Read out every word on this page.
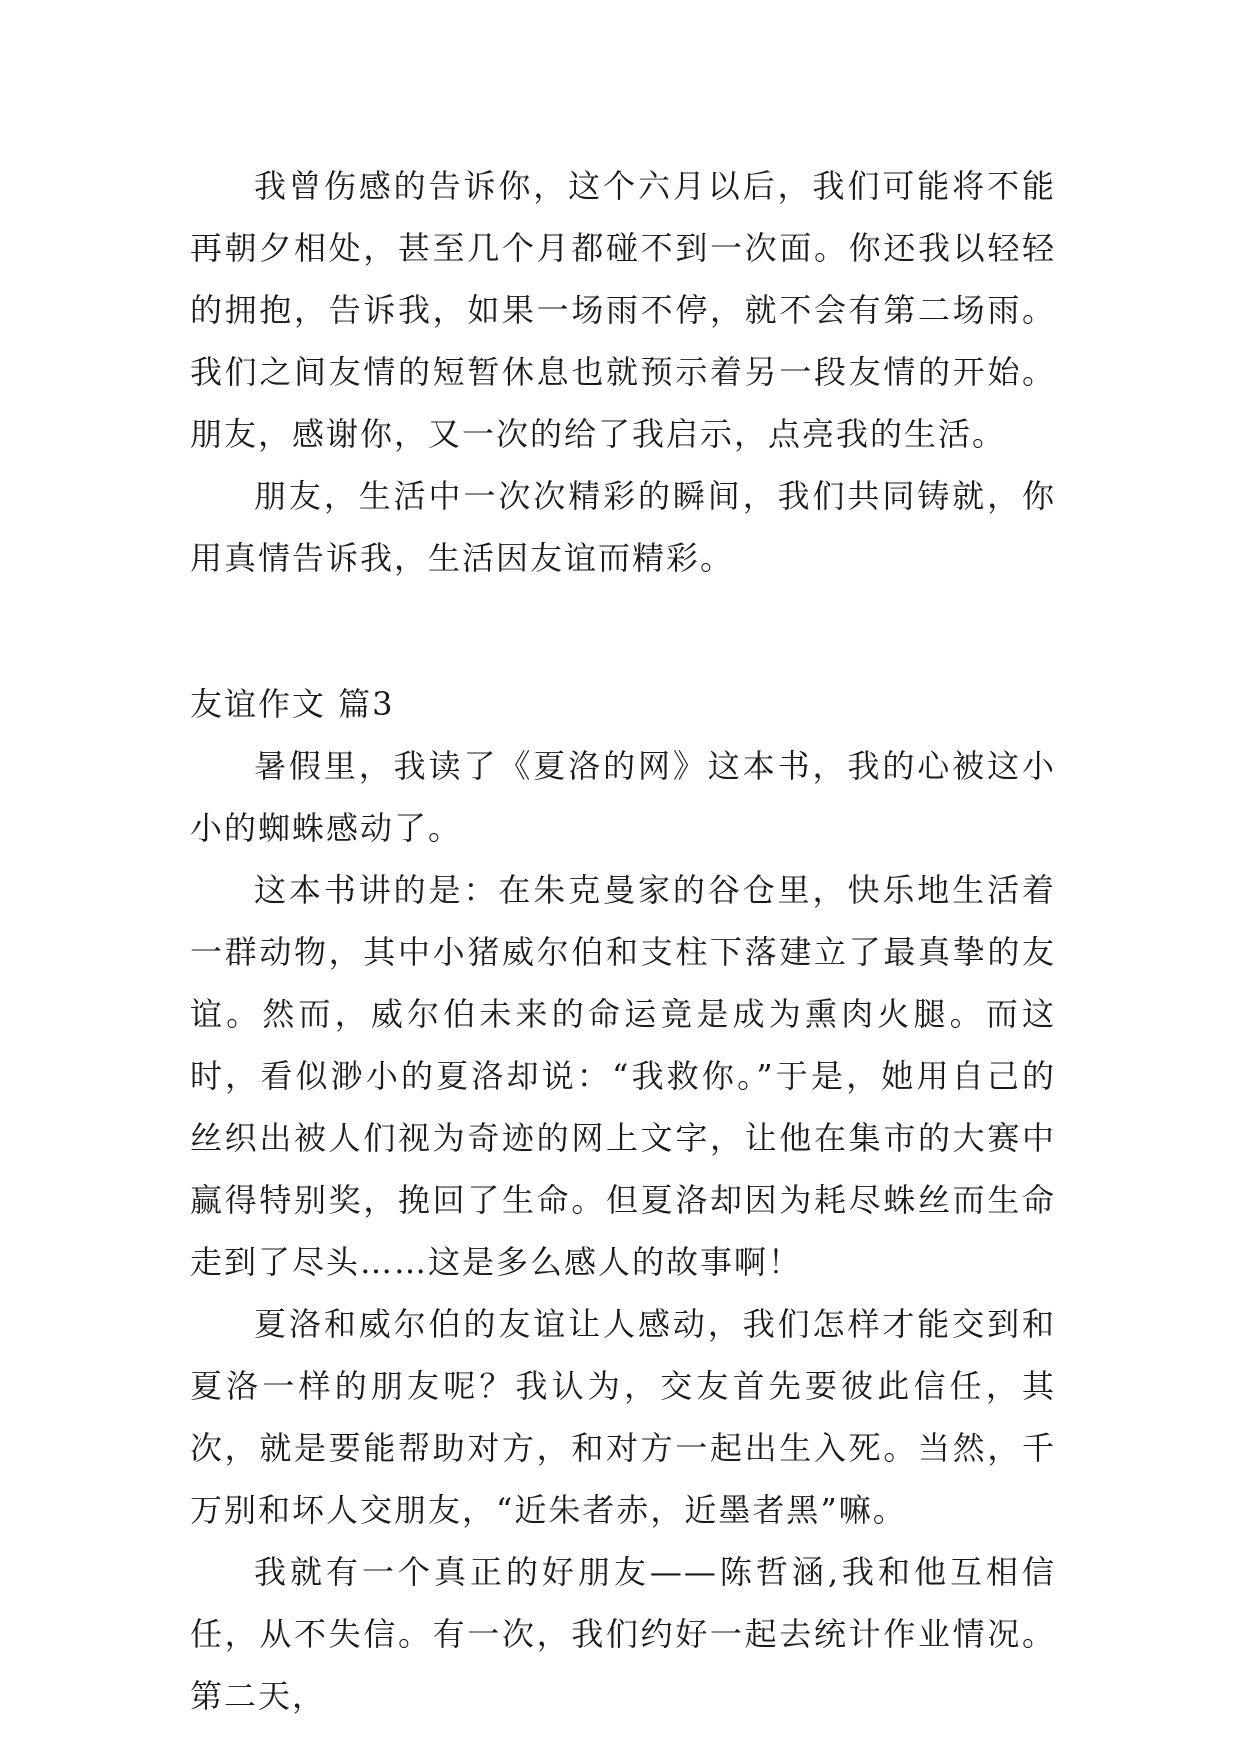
我曾伤感的告诉你，这个六月以后，我们可能将不能再朝夕相处，甚至几个月都碰不到一次面。你还我以轻轻的拥抱，告诉我，如果一场雨不停，就不会有第二场雨。我们之间友情的短暂休息也就预示着另一段友情的开始。朋友，感谢你，又一次的给了我启示，点亮我的生活。

朋友，生活中一次次精彩的瞬间，我们共同铸就，你用真情告诉我，生活因友谊而精彩。

友谊作文 篇3

暑假里，我读了《夏洛的网》这本书，我的心被这小小的蜘蛛感动了。

这本书讲的是：在朱克曼家的谷仓里，快乐地生活着一群动物，其中小猪威尔伯和支柱下落建立了最真挚的友谊。然而，威尔伯未来的命运竟是成为熏肉火腿。而这时，看似渺小的夏洛却说：“我救你。”于是，她用自己的丝织出被人们视为奇迹的网上文字，让他在集市的大赛中赢得特别奖，挽回了生命。但夏洛却因为耗尽蛛丝而生命走到了尽头……这是多么感人的故事啊！

夏洛和威尔伯的友谊让人感动，我们怎样才能交到和夏洛一样的朋友呢？我认为，交友首先要彼此信任，其次，就是要能帮助对方，和对方一起出生入死。当然，千万别和坏人交朋友，“近朱者赤，近墨者黑”嘛。

我就有一个真正的好朋友——陈哲涵,我和他互相信任，从不失信。有一次，我们约好一起去统计作业情况。第二天，
